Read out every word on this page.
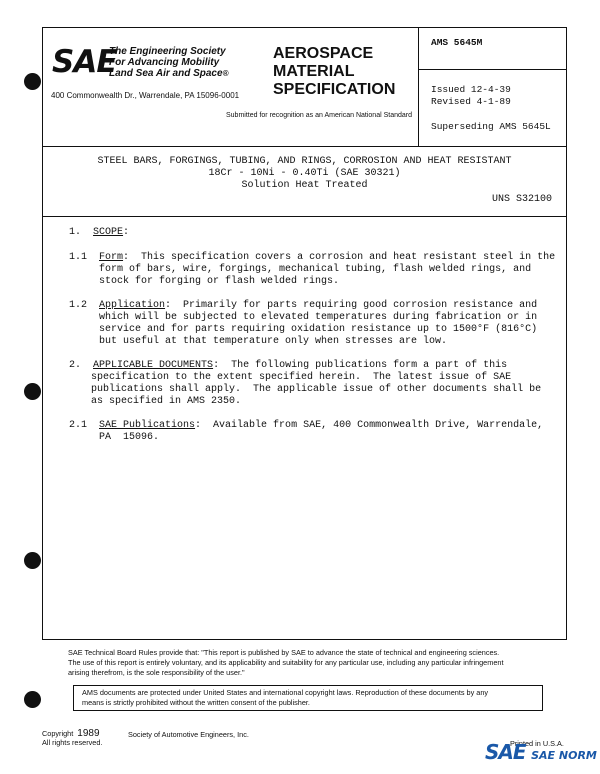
SAE
The Engineering Society
For Advancing Mobility
Land Sea Air and Space®
400 Commonwealth Dr., Warrendale, PA 15096-0001
AEROSPACE
MATERIAL
SPECIFICATION
Submitted for recognition as an American National Standard
AMS 5645M
Issued 12-4-39
Revised 4-1-89
Superseding AMS 5645L
STEEL BARS, FORGINGS, TUBING, AND RINGS, CORROSION AND HEAT RESISTANT
18Cr - 10Ni - 0.40Ti (SAE 30321)
Solution Heat Treated
UNS S32100
1. SCOPE:
1.1 Form:  This specification covers a corrosion and heat resistant steel in the
form of bars, wire, forgings, mechanical tubing, flash welded rings, and
stock for forging or flash welded rings.
1.2 Application:  Primarily for parts requiring good corrosion resistance and
which will be subjected to elevated temperatures during fabrication or in
service and for parts requiring oxidation resistance up to 1500°F (816°C)
but useful at that temperature only when stresses are low.
2. APPLICABLE DOCUMENTS:  The following publications form a part of this
specification to the extent specified herein.  The latest issue of SAE
publications shall apply.  The applicable issue of other documents shall be
as specified in AMS 2350.
2.1 SAE Publications:  Available from SAE, 400 Commonwealth Drive, Warrendale,
PA  15096.
SAE Technical Board Rules provide that: "This report is published by SAE to advance the state of technical and engineering sciences.
The use of this report is entirely voluntary, and its applicability and suitability for any particular use, including any particular infringement
arising therefrom, is the sole responsibility of the user."
AMS documents are protected under United States and international copyright laws. Reproduction of these documents by any
means is strictly prohibited without the written consent of the publisher.
Copyright 1989
All rights reserved.
Society of Automotive Engineers, Inc.
Printed in U.S.A.
SAE SAE NORM
